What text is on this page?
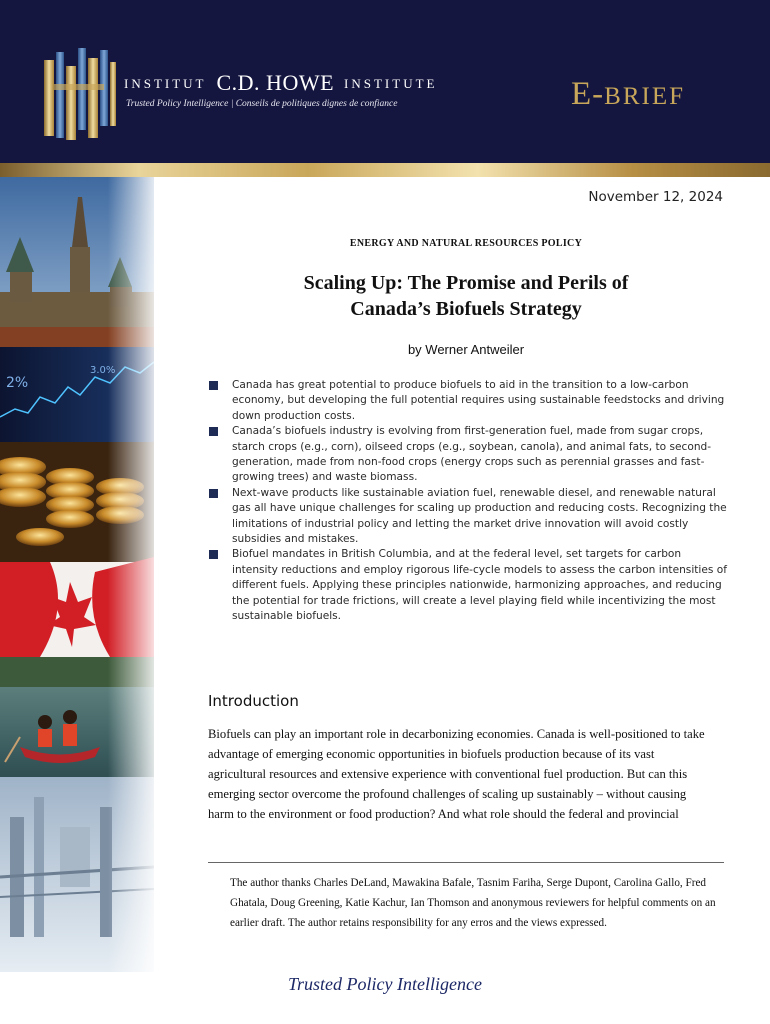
INSTITUT C.D. HOWE INSTITUTE
Trusted Policy Intelligence | Conseils de politiques dignes de confiance	E-BRIEF
November 12, 2024
ENERGY AND NATURAL RESOURCES POLICY
Scaling Up: The Promise and Perils of
Canada’s Biofuels Strategy
by Werner Antweiler
Canada has great potential to produce biofuels to aid in the transition to a low-carbon economy, but developing the full potential requires using sustainable feedstocks and driving down production costs.
Canada’s biofuels industry is evolving from first-generation fuel, made from sugar crops, starch crops (e.g., corn), oilseed crops (e.g., soybean, canola), and animal fats, to second-generation, made from non-food crops (energy crops such as perennial grasses and fast-growing trees) and waste biomass.
Next-wave products like sustainable aviation fuel, renewable diesel, and renewable natural gas all have unique challenges for scaling up production and reducing costs. Recognizing the limitations of industrial policy and letting the market drive innovation will avoid costly subsidies and mistakes.
Biofuel mandates in British Columbia, and at the federal level, set targets for carbon intensity reductions and employ rigorous life-cycle models to assess the carbon intensities of different fuels. Applying these principles nationwide, harmonizing approaches, and reducing the potential for trade frictions, will create a level playing field while incentivizing the most sustainable biofuels.
Introduction

Biofuels can play an important role in decarbonizing economies. Canada is well-positioned to take advantage of emerging economic opportunities in biofuels production because of its vast agricultural resources and extensive experience with conventional fuel production. But can this emerging sector overcome the profound challenges of scaling up sustainably – without causing harm to the environment or food production? And what role should the federal and provincial

The author thanks Charles DeLand, Mawakina Bafale, Tasnim Fariha, Serge Dupont, Carolina Gallo, Fred Ghatala, Doug Greening, Katie Kachur, Ian Thomson and anonymous reviewers for helpful comments on an earlier draft. The author retains responsibility for any erros and the views expressed.

Trusted Policy Intelligence
